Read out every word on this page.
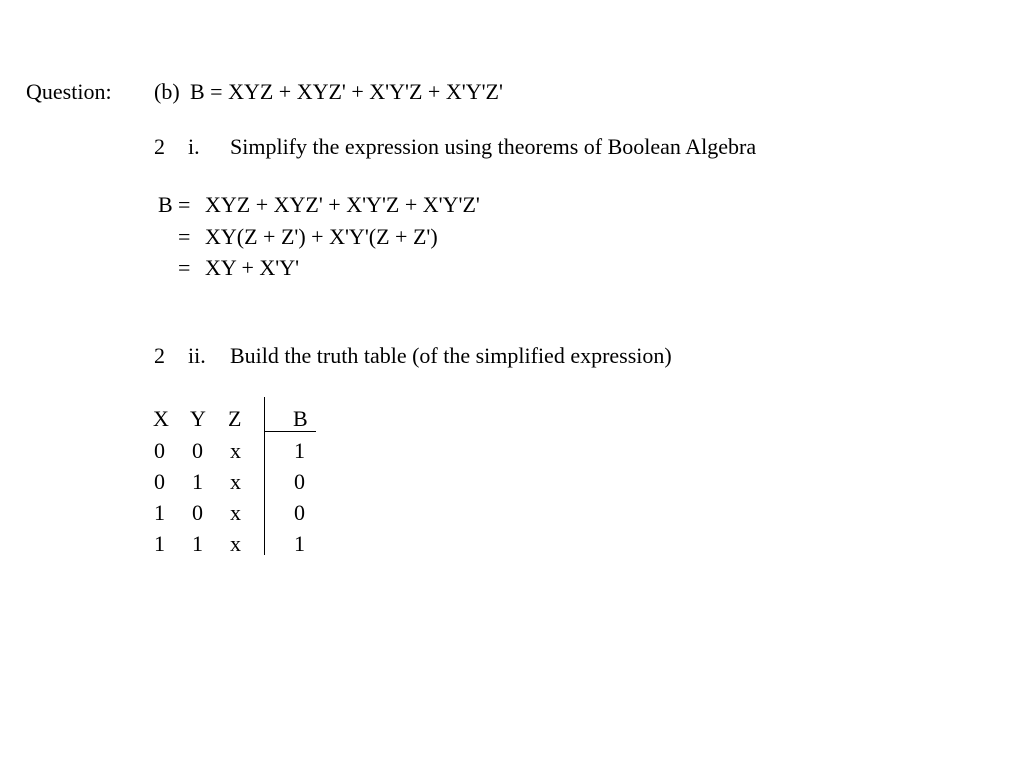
Question: (b) B = XYZ + XYZ' + X'Y'Z + X'Y'Z'
2 i. Simplify the expression using theorems of Boolean Algebra
B = XYZ + XYZ' + X'Y'Z + X'Y'Z'
= XY(Z + Z') + X'Y'(Z + Z')
= XY + X'Y'
2 ii. Build the truth table (of the simplified expression)
X Y Z B
0 0 x 1
0 1 x 0
1 0 x 0
1 1 x 1
